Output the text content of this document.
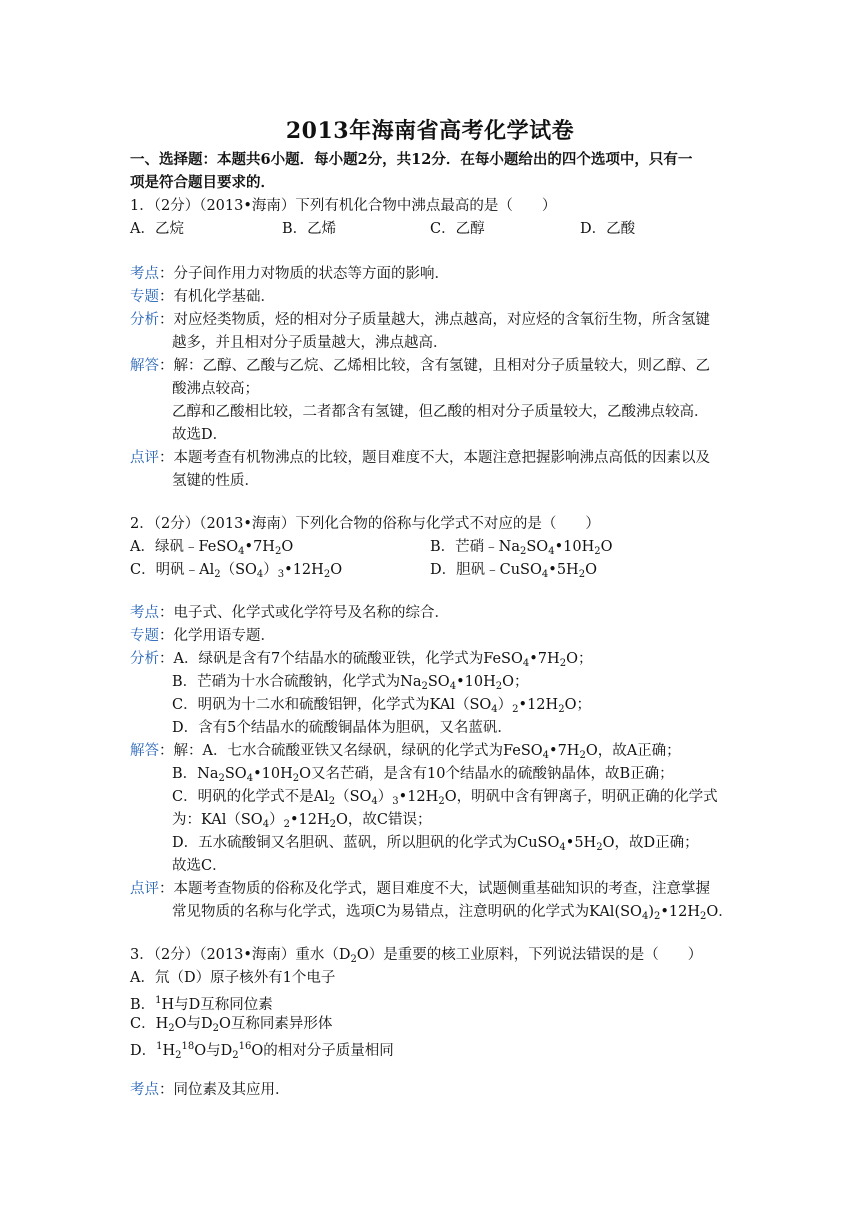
2013年海南省高考化学试卷
一、选择题：本题共6小题．每小题2分，共12分．在每小题给出的四个选项中，只有一
项是符合题目要求的．
1．（2分）（2013•海南）下列有机化合物中沸点最高的是（　　）
A．乙烷	B．乙烯	C．乙醇	D．乙酸
考点：分子间作用力对物质的状态等方面的影响．
专题：有机化学基础．
分析：对应烃类物质，烃的相对分子质量越大，沸点越高，对应烃的含氧衍生物，所含氢键
越多，并且相对分子质量越大，沸点越高．
解答：解：乙醇、乙酸与乙烷、乙烯相比较，含有氢键，且相对分子质量较大，则乙醇、乙
酸沸点较高；
乙醇和乙酸相比较，二者都含有氢键，但乙酸的相对分子质量较大，乙酸沸点较高．
故选D．
点评：本题考查有机物沸点的比较，题目难度不大，本题注意把握影响沸点高低的因素以及
氢键的性质．
2．（2分）（2013•海南）下列化合物的俗称与化学式不对应的是（　　）
A．绿矾$﹣FeSO_4•7H_2O$	B．芒硝$﹣Na_2SO_4•10H_2O$
C．明矾$﹣Al_2(SO_4)_3•12H_2O$	D．胆矾$﹣CuSO_4•5H_2O$
考点：电子式、化学式或化学符号及名称的综合．
专题：化学用语专题．
分析：A．绿矾是含有7个结晶水的硫酸亚铁，化学式为$FeSO_4•7H_2O$；
B．芒硝为十水合硫酸钠，化学式为$Na_2SO_4•10H_2O$；
C．明矾为十二水和硫酸铝钾，化学式为$KAl(SO_4)_2•12H_2O$；
D．含有5个结晶水的硫酸铜晶体为胆矾，又名蓝矾．
解答：解：A．七水合硫酸亚铁又名绿矾，绿矾的化学式为$FeSO_4•7H_2O$，故A正确；
B．$Na_2SO_4•10H_2O$又名芒硝，是含有10个结晶水的硫酸钠晶体，故B正确；
C．明矾的化学式不是$Al_2(SO_4)_3•12H_2O$，明矾中含有钾离子，明矾正确的化学式
为：$KAl(SO_4)_2•12H_2O$，故C错误；
D．五水硫酸铜又名胆矾、蓝矾，所以胆矾的化学式为$CuSO_4•5H_2O$，故D正确；
故选C．
点评：本题考查物质的俗称及化学式，题目难度不大，试题侧重基础知识的考查，注意掌握
常见物质的名称与化学式，选项C为易错点，注意明矾的化学式为$KAl(SO_4)_2•12H_2O$．
3．（2分）（2013•海南）重水$(D_2O)$是重要的核工业原料，下列说法错误的是（　　）
A．氘（D）原子核外有1个电子
B．$^1$H与D互称同位素
C．$H_2O$与$D_2O$互称同素异形体
D．$^1H_2^{18}O$与$D_2^{16}O$的相对分子质量相同
考点：同位素及其应用．
